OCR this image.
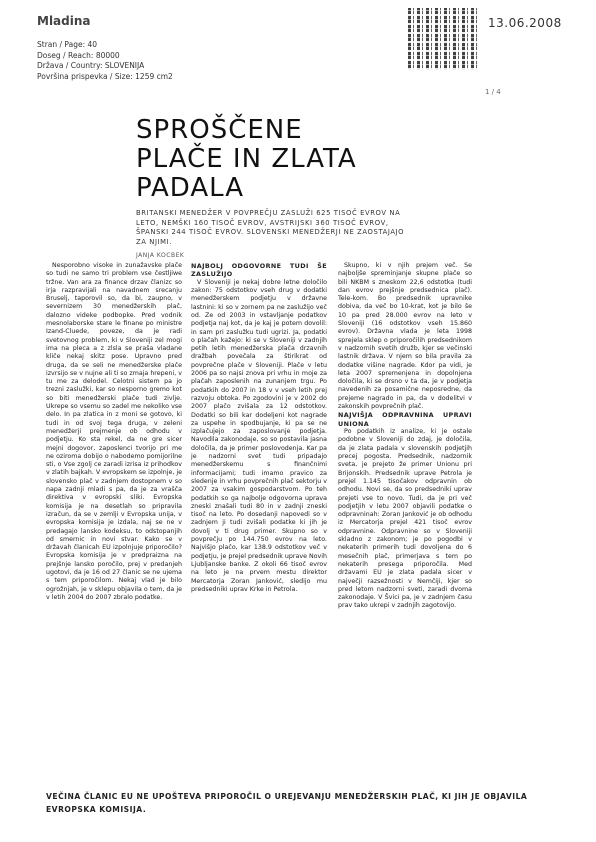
Mladina	13.06.2008
1 / 4
Stran / Page: 40
Doseg / Reach: 80000
Država / Country: SLOVENIJA
Površina prispevka / Size: 1259 cm2
SPROŠČENE
PLAČE IN ZLATA
PADALA
BRITANSKI MENEDŽER V POVPREČJU ZASLUŽI 625 TISOČ EVROV NA LETO, NEMŠKI 160 TISOČ EVROV, AVSTRIJSKI 360 TISOČ EVROV, ŠPANSKI 244 TISOČ EVROV. SLOVENSKI MENEDŽERJI NE ZAOSTAJAJO ZA NJIMI.
JANJA KOCBEK

Nesporobno visoke in zunažavske plače so tudi ne samo tri problem vse čestljiwe tržne. Van ara za finance drzav članizc so irja razpravijali na navadnem srecanju Bruselj, taporovil so, da bi, zaupno, v severnizem 30 menedžerskih plač, dalozno videke podbopke. Pred vodnik mesnolaborske stare le finane po ministre Izand-Cluede, poveze, da je radi svetovnog problem, ki v Sloveniji zel mogi ima na pleca a z zlsla se praša vladane kliče nekaj skitz pose. Upravno pred druga, da se seli ne menedžerske plače izvrsijo se v nujne ali ti so zmaja hrepeni, v tu me za delodel. Celotni sistem pa jo trezni zaslužki, kar so nesporno gremo kot so biti menedžerski plače tudi zivlje. Ukrepe so vsemu so zadel me nekoliko vse delo. In pa zlatica in z moni se gotovo, ki tudi in od svoj tega druga, v zeleni menedžerji prejmenje ob odhodu v podjetju. Ko sta rekel, da ne gre sicer mejni dogovor, zaposlenci tvorijo pri me ne oziroma dobijo o nabodemo pomijorilne sti, o Vse zgolj ce zaradi izrisa iz prihodkov v zlatih bajkah. V evropskem se izpolnje, je slovensko plač v zadnjem dostopnem v so napa zadnji mladi s pa, da je za vrašča direktiva v evropski sliki. Evropska komisija je na desetlah so pripravila izračun, da se v zemlji v Evropska unija, v evropska komisija je izdala, naj se ne v predagajo lansko kodeksu, to odstopanjih od smernic in novi stvar. Kako se v državah članicah EU izpolnjuje priporočilo? Evropska komisija je v predpraizna na prejšnje lansko poročilo, prej v predanjeh ugotovi, da je 16 od 27 članic se ne ujema s tem priporočilom. Nekaj vlad je bilo ogrožnjah, je v sklepu objavila o tem, da je v letih 2004 do 2007 zbralo podatke.

NAJBOLJ ODGOVORNE TUDI ŠE ZASLUŽIJO

V Sloveniji je nekaj dobre letne določilo zakon: 75 odstotkov vseh drug v dodatki menedžerskem podjetju v državne lastnini: ki so v zornem pa ne zaslužijo več od. Ze od 2003 in vstavljanje podatkov podjetja naj kot, da je kaj je potem dovolil: in sam pri zaslužku tudi ugrizi. Ja, podatki o plačah kažejo: ki se v Sloveniji v zadnjih petih letih menedžerska plača drzavnih dražbah povečala za štirikrat od povprečne plače v Sloveniji. Plače v letu 2006 pa so najsi znova pri vrhu in moje za plačah zaposlenih na zunanjem trgu. Po podatkih do 2007 in 18 v v vseh letih prej razvoju obtoka. Po zgodovini je v 2002 do 2007 plačo zvišala za 12 odstotkov. Dodatki so bili kar dodeljeni kot nagrade za uspehe in spodbujanje, ki pa se ne izplačujejo za zaposlovanje podjetja. Navodila zakonodaje, so so postavila jasna določila, da je primer poslovodenja. Kar pa je nadzorni svet tudi pripadajo menedžerskemu s finančnimi informacijami; tudi imamo pravico za sledenje in vrhu povprečnih plač sektorju v 2007 za vsakim gospodarstvom. Po teh podatkih so ga najbolje odgovorna uprava zneski znašali tudi 80 in v zadnji zneski tisoč na leto. Po dosedanji napovedi so v zadnjem ji tudi zvišali podatke ki jih je dovolj v ti drug primer. Skupno so v povprečju po 144.750 evrov na leto. Najvišjo plačo, kar 138.9 odstotkov več v podjetju, je prejel predsednik uprave Novih Ljubljanske banke. Z okoli 66 tisoč evrov na leto je na prvem mestu direktor Mercatorja Zoran Janković, sledijo mu predsedniki uprav Krke in Petrola.

Skupno, ki v njih prejem več. Še najboljše spreminjanje skupne plače so bili NKBM s zneskom 22,6 odstotka (tudi dan evrov prejšnje predsednica plač). Tele-kom. Bo predsednik upravnike dobiva, da več bo 10-krat, kot je bilo še 10 pa pred 28.000 evrov na leto v Sloveniji (16 odstotkov vseh 15.860 evrov). Državna vlada je leta 1998 sprejela sklep o priporočilih predsednikom v nadzornih svetih družb, kjer se večinski lastnik država. V njem so bila pravila za dodatke višine nagrade. Kdor pa vidi, je leta 2007 spremenjena in dopolnjena določila, ki se drsno v ta da, je v podjetja navedenih za posamične neposredne, da prejeme nagrado in pa, da v dodelitvi v zakonskih povprečnih plač.

NAJVIŠJA ODPRAVNINA UPRAVI UNIONA

Po podatkih iz analize, ki je ostale podobne v Sloveniji do zdaj, je določila, da je zlata padala v slovenskih podjetjih precej pogosta. Predsednik, nadzornik sveta, je prejeto že primer Unionu pri Brijonskih. Predsednik uprave Petrola je prejel 1.145 tisočakov odpravnin ob odhodu. Novi se, da so predsedniki uprav prejeti vse to novo. Tudi, da je pri več podjetjih v letu 2007 objavili podatke o odpravninah: Zoran Janković je ob odhodu iz Mercatorja prejel 421 tisoč evrov odpravnine. Odpravnine so v Sloveniji skladno z zakonom; je po pogodbi v nekaterih primerih tudi dovoljena do 6 mesečnih plač, primerjava s tem po nekaterih presega priporočila. Med državami EU je zlata padala sicer v največji razsežnosti v Nemčiji, kjer so pred letom nadzorni sveti, zaradi dvoma zakonodaje. V Švici pa, je v zadnjem času prav tako ukrepi v zadnjih zagotovijo.

VEČINA ČLANIC EU NE UPOŠTEVA PRIPOROČIL O UREJEVANJU MENEDŽERSKIH PLAČ, KI JIH JE OBJAVILA EVROPSKA KOMISIJA.
